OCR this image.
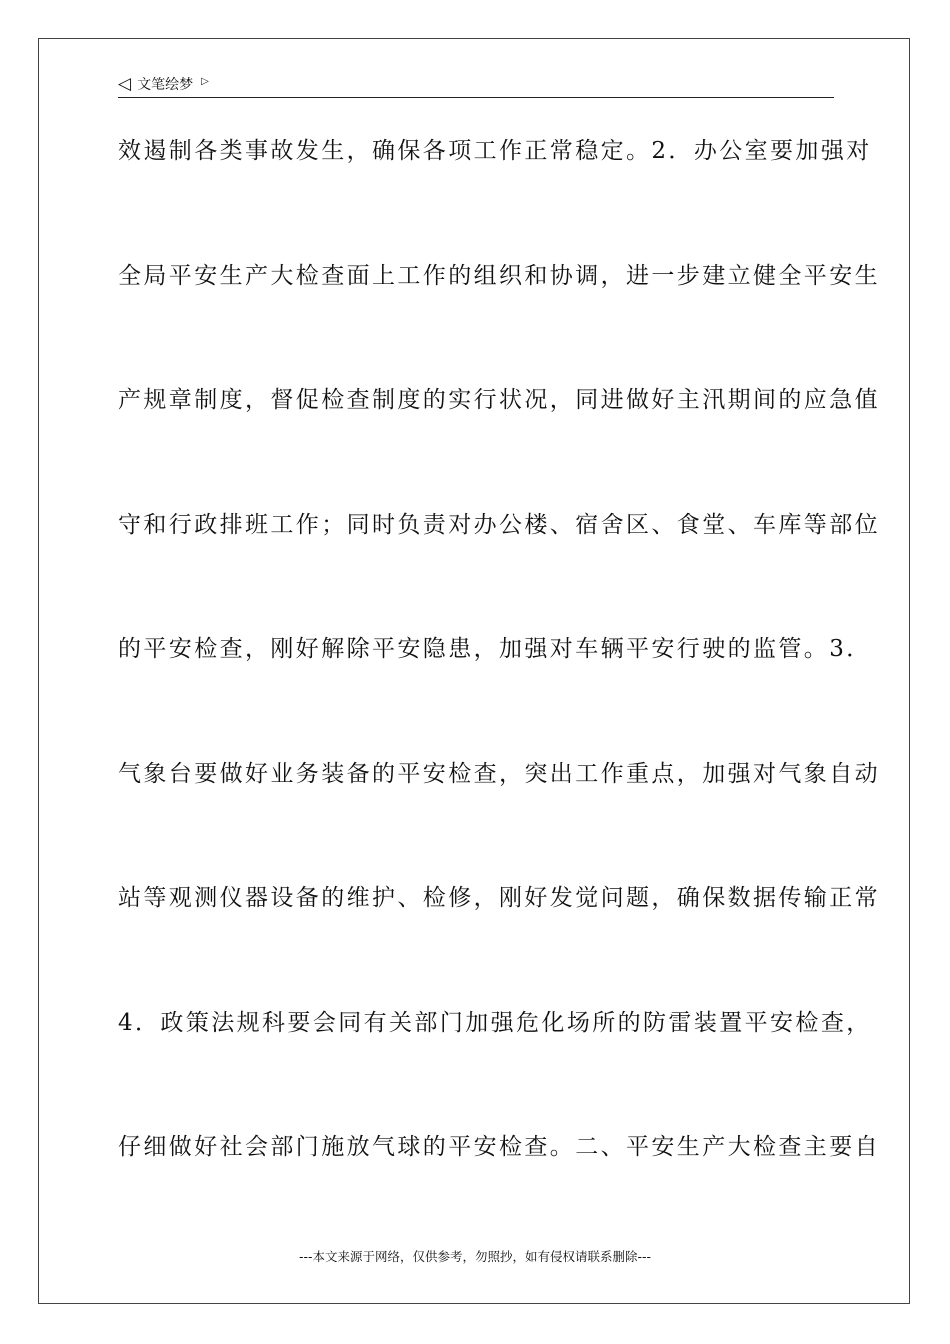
◁ 文笔绘梦 ▷
效遏制各类事故发生，确保各项工作正常稳定。2．办公室要加强对
全局平安生产大检查面上工作的组织和协调，进一步建立健全平安生
产规章制度，督促检查制度的实行状况，同进做好主汛期间的应急值
守和行政排班工作；同时负责对办公楼、宿舍区、食堂、车库等部位
的平安检查，刚好解除平安隐患，加强对车辆平安行驶的监管。3．
气象台要做好业务装备的平安检查，突出工作重点，加强对气象自动
站等观测仪器设备的维护、检修，刚好发觉问题，确保数据传输正常
4．政策法规科要会同有关部门加强危化场所的防雷装置平安检查，
仔细做好社会部门施放气球的平安检查。二、平安生产大检查主要自
---本文来源于网络，仅供参考，勿照抄，如有侵权请联系删除---
